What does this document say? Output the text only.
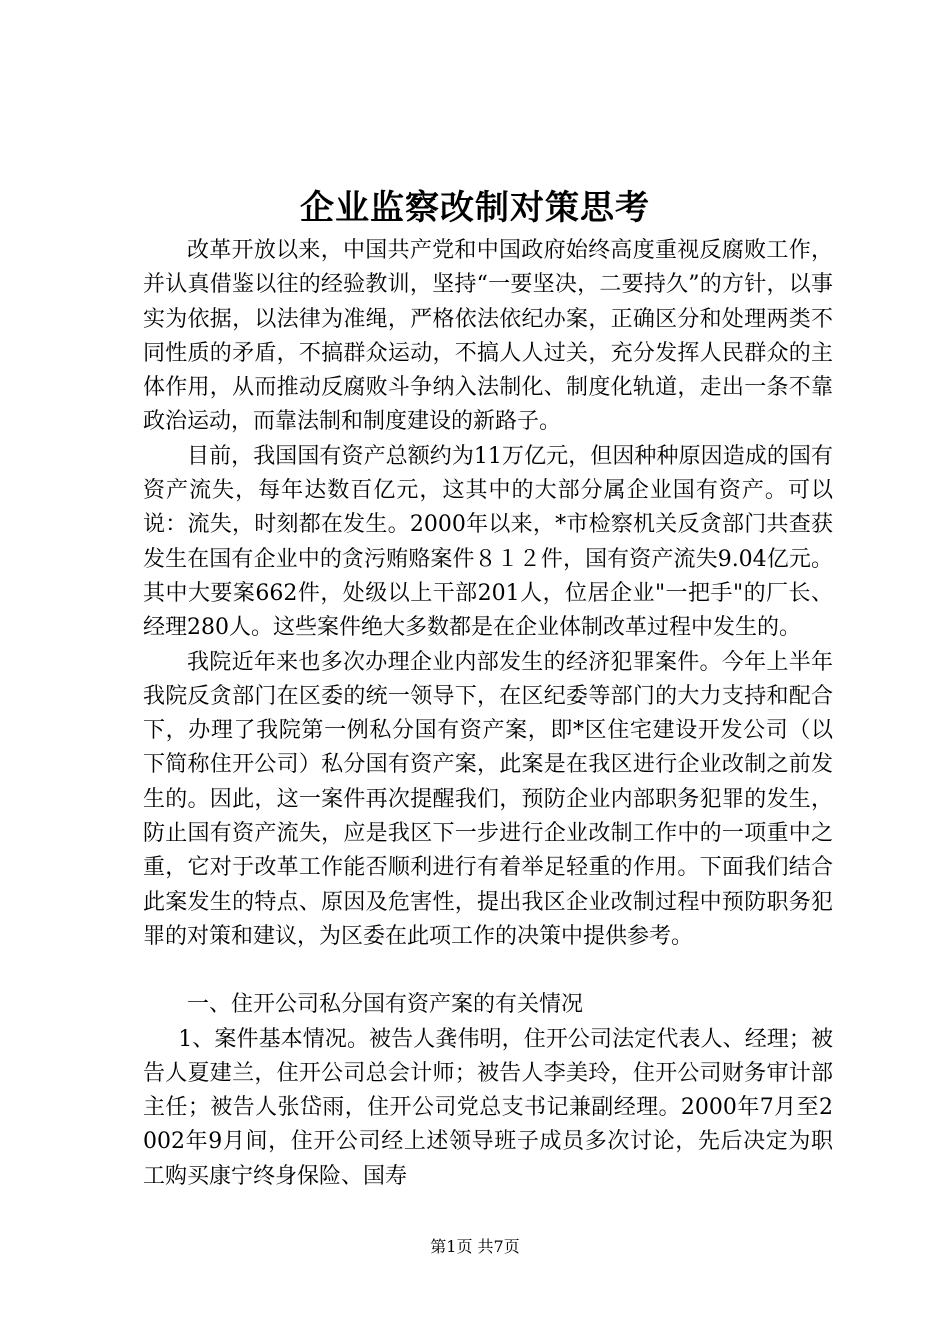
企业监察改制对策思考

改革开放以来，中国共产党和中国政府始终高度重视反腐败工作，并认真借鉴以往的经验教训，坚持“一要坚决，二要持久”的方针，以事实为依据，以法律为准绳，严格依法依纪办案，正确区分和处理两类不同性质的矛盾，不搞群众运动，不搞人人过关，充分发挥人民群众的主体作用，从而推动反腐败斗争纳入法制化、制度化轨道，走出一条不靠政治运动，而靠法制和制度建设的新路子。

目前，我国国有资产总额约为11万亿元，但因种种原因造成的国有资产流失，每年达数百亿元，这其中的大部分属企业国有资产。可以说：流失，时刻都在发生。2000年以来，*市检察机关反贪部门共查获发生在国有企业中的贪污贿赂案件８１２件，国有资产流失9.04亿元。其中大要案662件，处级以上干部201人，位居企业"一把手"的厂长、经理280人。这些案件绝大多数都是在企业体制改革过程中发生的。

我院近年来也多次办理企业内部发生的经济犯罪案件。今年上半年我院反贪部门在区委的统一领导下，在区纪委等部门的大力支持和配合下，办理了我院第一例私分国有资产案，即*区住宅建设开发公司（以下简称住开公司）私分国有资产案，此案是在我区进行企业改制之前发生的。因此，这一案件再次提醒我们，预防企业内部职务犯罪的发生，防止国有资产流失，应是我区下一步进行企业改制工作中的一项重中之重，它对于改革工作能否顺利进行有着举足轻重的作用。下面我们结合此案发生的特点、原因及危害性，提出我区企业改制过程中预防职务犯罪的对策和建议，为区委在此项工作的决策中提供参考。

一、住开公司私分国有资产案的有关情况

1、案件基本情况。被告人龚伟明，住开公司法定代表人、经理；被告人夏建兰，住开公司总会计师；被告人李美玲，住开公司财务审计部主任；被告人张岱雨，住开公司党总支书记兼副经理。2000年7月至2002年9月间，住开公司经上述领导班子成员多次讨论，先后决定为职工购买康宁终身保险、国寿

第1页 共7页
